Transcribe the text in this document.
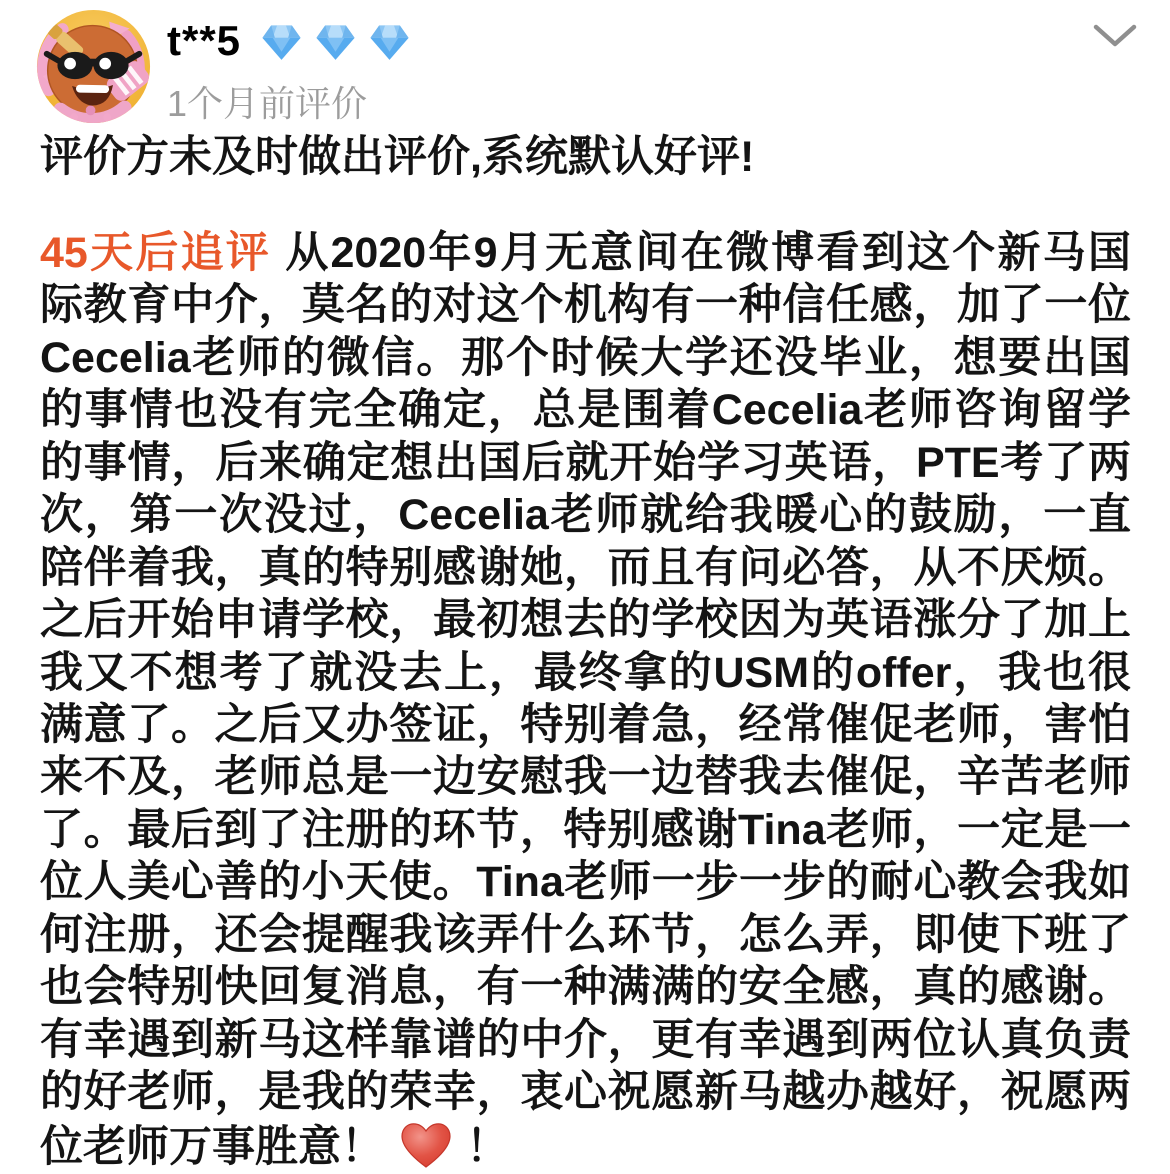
t**5
1个月前评价
评价方未及时做出评价,系统默认好评!
45天后追评 从2020年9月无意间在微博看到这个新马国
际教育中介，莫名的对这个机构有一种信任感，加了一位
Cecelia老师的微信。那个时候大学还没毕业，想要出国
的事情也没有完全确定，总是围着Cecelia老师咨询留学
的事情，后来确定想出国后就开始学习英语，PTE考了两
次，第一次没过，Cecelia老师就给我暖心的鼓励，一直
陪伴着我，真的特别感谢她，而且有问必答，从不厌烦。
之后开始申请学校，最初想去的学校因为英语涨分了加上
我又不想考了就没去上，最终拿的USM的offer，我也很
满意了。之后又办签证，特别着急，经常催促老师，害怕
来不及，老师总是一边安慰我一边替我去催促，辛苦老师
了。最后到了注册的环节，特别感谢Tina老师，一定是一
位人美心善的小天使。Tina老师一步一步的耐心教会我如
何注册，还会提醒我该弄什么环节，怎么弄，即使下班了
也会特别快回复消息，有一种满满的安全感，真的感谢。
有幸遇到新马这样靠谱的中介，更有幸遇到两位认真负责
的好老师，是我的荣幸，衷心祝愿新马越办越好，祝愿两
位老师万事胜意！ ！
